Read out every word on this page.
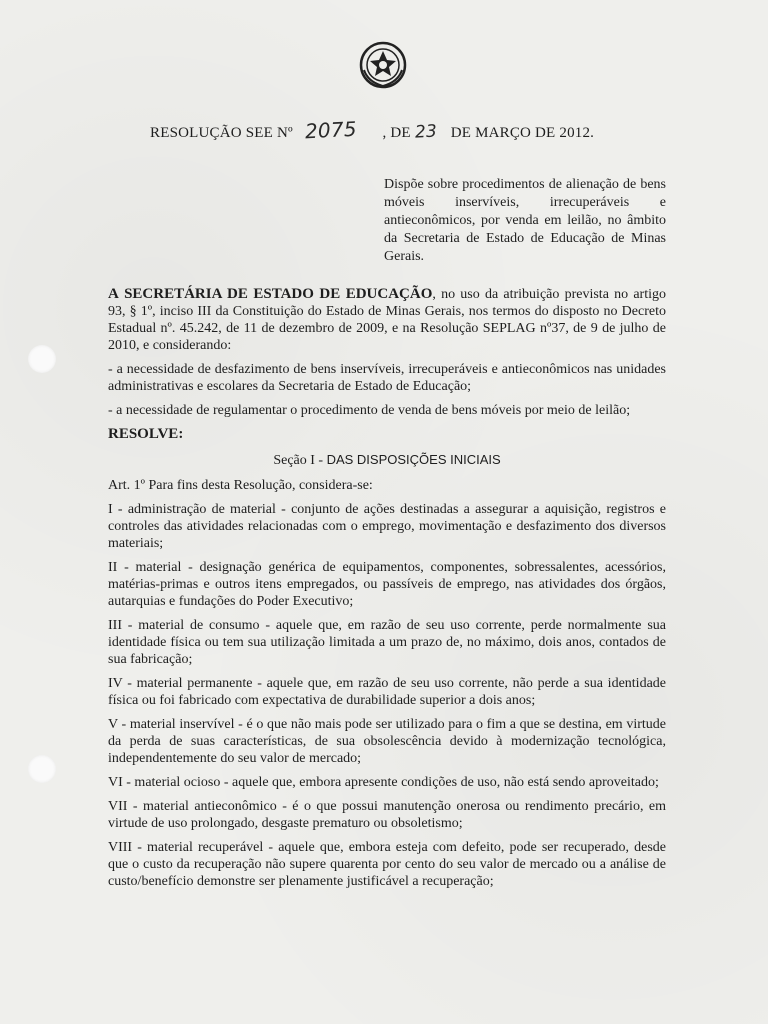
RESOLUÇÃO SEE Nº 2075 , DE 23 DE MARÇO DE 2012.
Dispõe sobre procedimentos de alienação de bens móveis inservíveis, irrecuperáveis e antieconômicos, por venda em leilão, no âmbito da Secretaria de Estado de Educação de Minas Gerais.

A SECRETÁRIA DE ESTADO DE EDUCAÇÃO, no uso da atribuição prevista no artigo 93, § 1º, inciso III da Constituição do Estado de Minas Gerais, nos termos do disposto no Decreto Estadual nº. 45.242, de 11 de dezembro de 2009, e na Resolução SEPLAG nº37, de 9 de julho de 2010, e considerando:

- a necessidade de desfazimento de bens inservíveis, irrecuperáveis e antieconômicos nas unidades administrativas e escolares da Secretaria de Estado de Educação;

- a necessidade de regulamentar o procedimento de venda de bens móveis por meio de leilão;

RESOLVE:
Seção I - DAS DISPOSIÇÕES INICIAIS

Art. 1º Para fins desta Resolução, considera-se:

I - administração de material - conjunto de ações destinadas a assegurar a aquisição, registros e controles das atividades relacionadas com o emprego, movimentação e desfazimento dos diversos materiais;

II - material - designação genérica de equipamentos, componentes, sobressalentes, acessórios, matérias-primas e outros itens empregados, ou passíveis de emprego, nas atividades dos órgãos, autarquias e fundações do Poder Executivo;

III - material de consumo - aquele que, em razão de seu uso corrente, perde normalmente sua identidade física ou tem sua utilização limitada a um prazo de, no máximo, dois anos, contados de sua fabricação;

IV - material permanente - aquele que, em razão de seu uso corrente, não perde a sua identidade física ou foi fabricado com expectativa de durabilidade superior a dois anos;

V - material inservível - é o que não mais pode ser utilizado para o fim a que se destina, em virtude da perda de suas características, de sua obsolescência devido à modernização tecnológica, independentemente do seu valor de mercado;

VI - material ocioso - aquele que, embora apresente condições de uso, não está sendo aproveitado;

VII - material antieconômico - é o que possui manutenção onerosa ou rendimento precário, em virtude de uso prolongado, desgaste prematuro ou obsoletismo;

VIII - material recuperável - aquele que, embora esteja com defeito, pode ser recuperado, desde que o custo da recuperação não supere quarenta por cento do seu valor de mercado ou a análise de custo/benefício demonstre ser plenamente justificável a recuperação;
